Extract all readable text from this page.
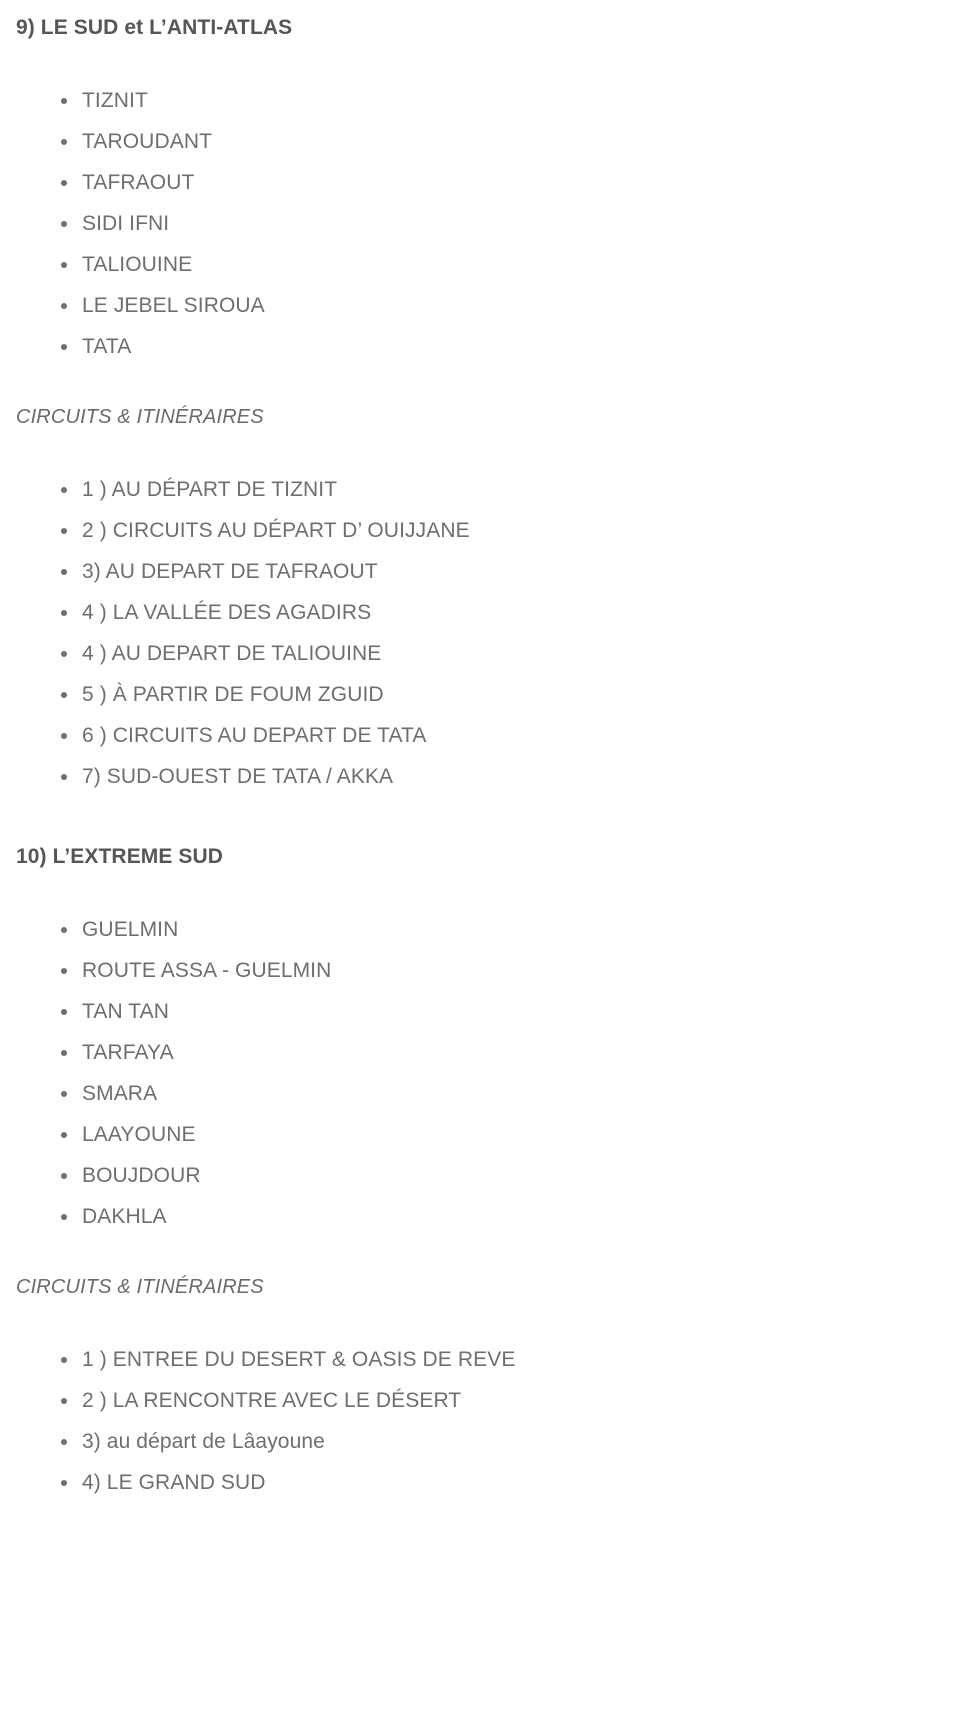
9) LE SUD et L’ANTI-ATLAS
TIZNIT
TAROUDANT
TAFRAOUT
SIDI IFNI
TALIOUINE
LE JEBEL SIROUA
TATA
CIRCUITS & ITINÉRAIRES
1 ) AU DÉPART DE TIZNIT
2 ) CIRCUITS AU DÉPART D’ OUIJJANE
3) AU DEPART DE TAFRAOUT
4 ) LA VALLÉE DES AGADIRS
4 ) AU DEPART DE TALIOUINE
5 ) À PARTIR DE FOUM ZGUID
6 ) CIRCUITS AU DEPART DE TATA
7) SUD-OUEST DE TATA / AKKA
10) L’EXTREME SUD
GUELMIN
ROUTE ASSA - GUELMIN
TAN TAN
TARFAYA
SMARA
LAAYOUNE
BOUJDOUR
DAKHLA
CIRCUITS & ITINÉRAIRES
1 ) ENTREE DU DESERT & OASIS DE REVE
2 ) LA RENCONTRE AVEC LE DÉSERT
3) au départ de Lâayoune
4) LE GRAND SUD
